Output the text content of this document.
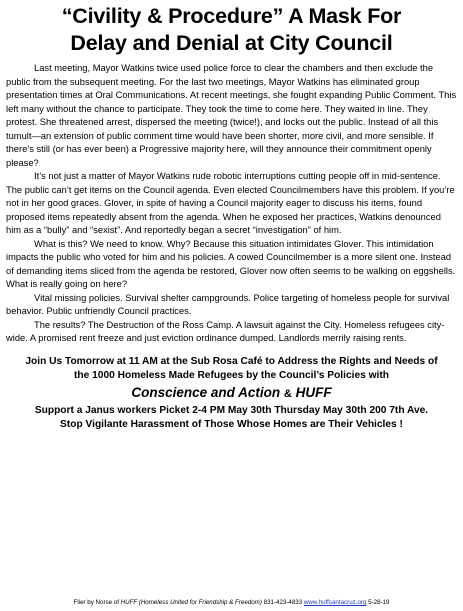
“Civility & Procedure” A Mask For
Delay and Denial at City Council

Last meeting, Mayor Watkins twice used police force to clear the chambers and then exclude the public from the subsequent meeting. For the last two meetings, Mayor Watkins has eliminated group presentation times at Oral Communications. At recent meetings, she fought expanding Public Comment. This left many without the chance to participate. They took the time to come here. They waited in line. They protest. She threatened arrest, dispersed the meeting (twice!), and locks out the public. Instead of all this tumult—an extension of public comment time would have been shorter, more civil, and more sensible. If there’s still (or has ever been) a Progressive majority here, will they announce their commitment openly please?

It’s not just a matter of Mayor Watkins rude robotic interruptions cutting people off in mid-sentence. The public can’t get items on the Council agenda. Even elected Councilmembers have this problem. If you’re not in her good graces. Glover, in spite of having a Council majority eager to discuss his items, found proposed items repeatedly absent from the agenda. When he exposed her practices, Watkins denounced him as a “bully” and “sexist”. And reportedly began a secret “investigation” of him.

What is this? We need to know. Why? Because this situation intimidates Glover. This intimidation impacts the public who voted for him and his policies. A cowed Councilmember is a more silent one. Instead of demanding items sliced from the agenda be restored, Glover now often seems to be walking on eggshells. What is really going on here?

Vital missing policies. Survival shelter campgrounds. Police targeting of homeless people for survival behavior. Public unfriendly Council practices.

The results? The Destruction of the Ross Camp. A lawsuit against the City. Homeless refugees city-wide. A promised rent freeze and just eviction ordinance dumped. Landlords merrily raising rents.

Join Us Tomorrow at 11 AM at the Sub Rosa Café to Address the Rights and Needs of
the 1000 Homeless Made Refugees by the Council’s Policies with
Conscience and Action & HUFF
Support a Janus workers Picket 2-4 PM May 30th Thursday May 30th 200 7th Ave.
Stop Vigilante Harassment of Those Whose Homes are Their Vehicles !
Flier by Norse of HUFF (Homeless United for Friendship & Freedom) 831-423-4833 www.huffsantacruz.org 5-28-19
